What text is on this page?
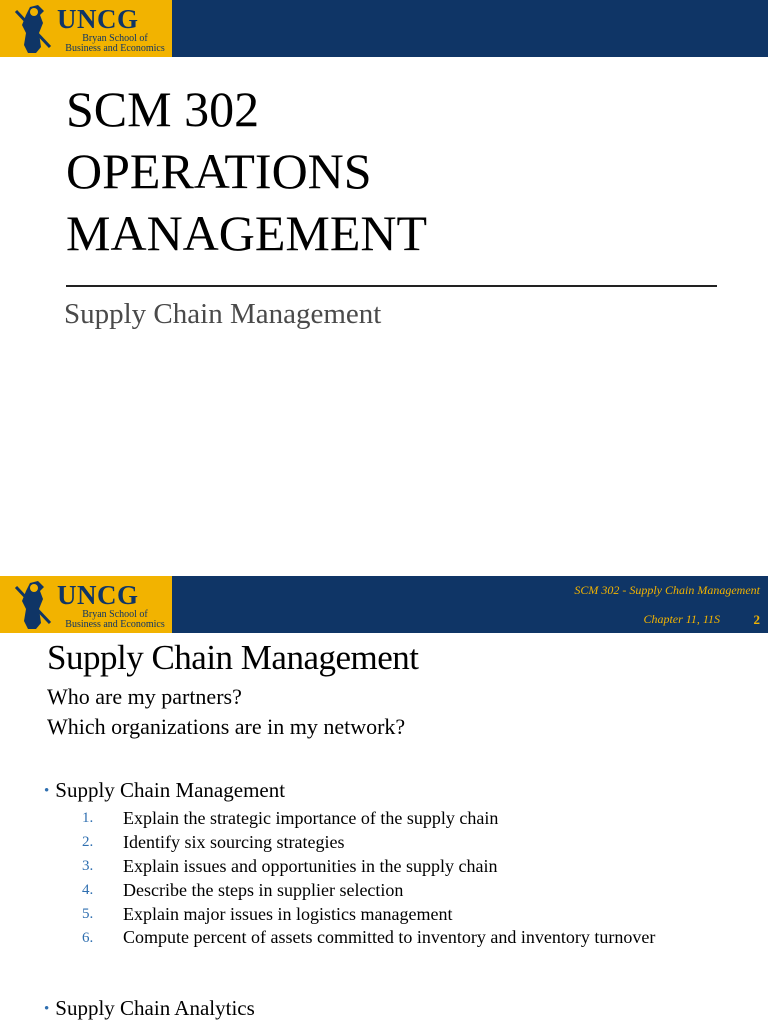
UNCG
Bryan School of
Business and Economics
SCM 302
OPERATIONS
MANAGEMENT
Supply Chain Management
UNCG
Bryan School of
Business and Economics
SCM 302 - Supply Chain Management
Chapter 11, 11S	2
Supply Chain Management
Who are my partners?
Which organizations are in my network?
• Supply Chain Management
1. Explain the strategic importance of the supply chain
2. Identify six sourcing strategies
3. Explain issues and opportunities in the supply chain
4. Describe the steps in supplier selection
5. Explain major issues in logistics management
6. Compute percent of assets committed to inventory and inventory turnover
• Supply Chain Analytics
